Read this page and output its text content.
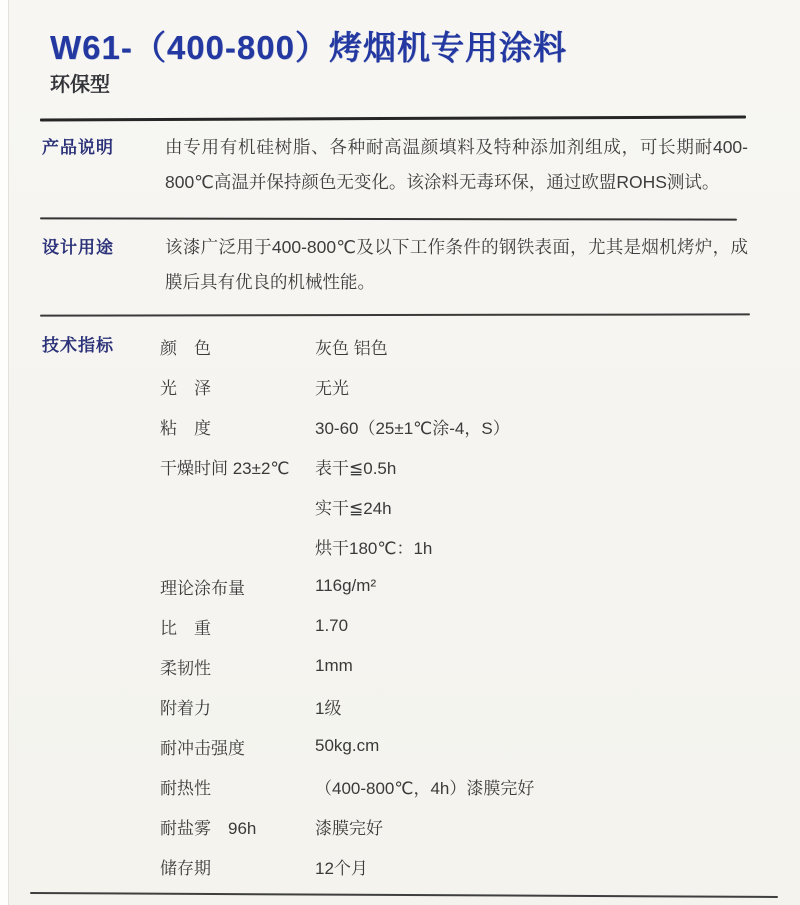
W61-（400-800）烤烟机专用涂料
环保型
产品说明	由专用有机硅树脂、各种耐高温颜填料及特种添加剂组成，可长期耐400-800℃高温并保持颜色无变化。该涂料无毒环保，通过欧盟ROHS测试。
设计用途	该漆广泛用于400-800℃及以下工作条件的钢铁表面，尤其是烟机烤炉，成膜后具有优良的机械性能。
技术指标	颜　色	灰色 铝色
光　泽	无光
粘　度	30-60（25±1℃涂-4，S）
干燥时间 23±2℃	表干≦0.5h
实干≦24h
烘干180℃：1h
理论涂布量	116g/m²
比　重	1.70
柔韧性	1mm
附着力	1级
耐冲击强度	50kg.cm
耐热性	（400-800℃，4h）漆膜完好
耐盐雾　96h	漆膜完好
储存期	12个月
